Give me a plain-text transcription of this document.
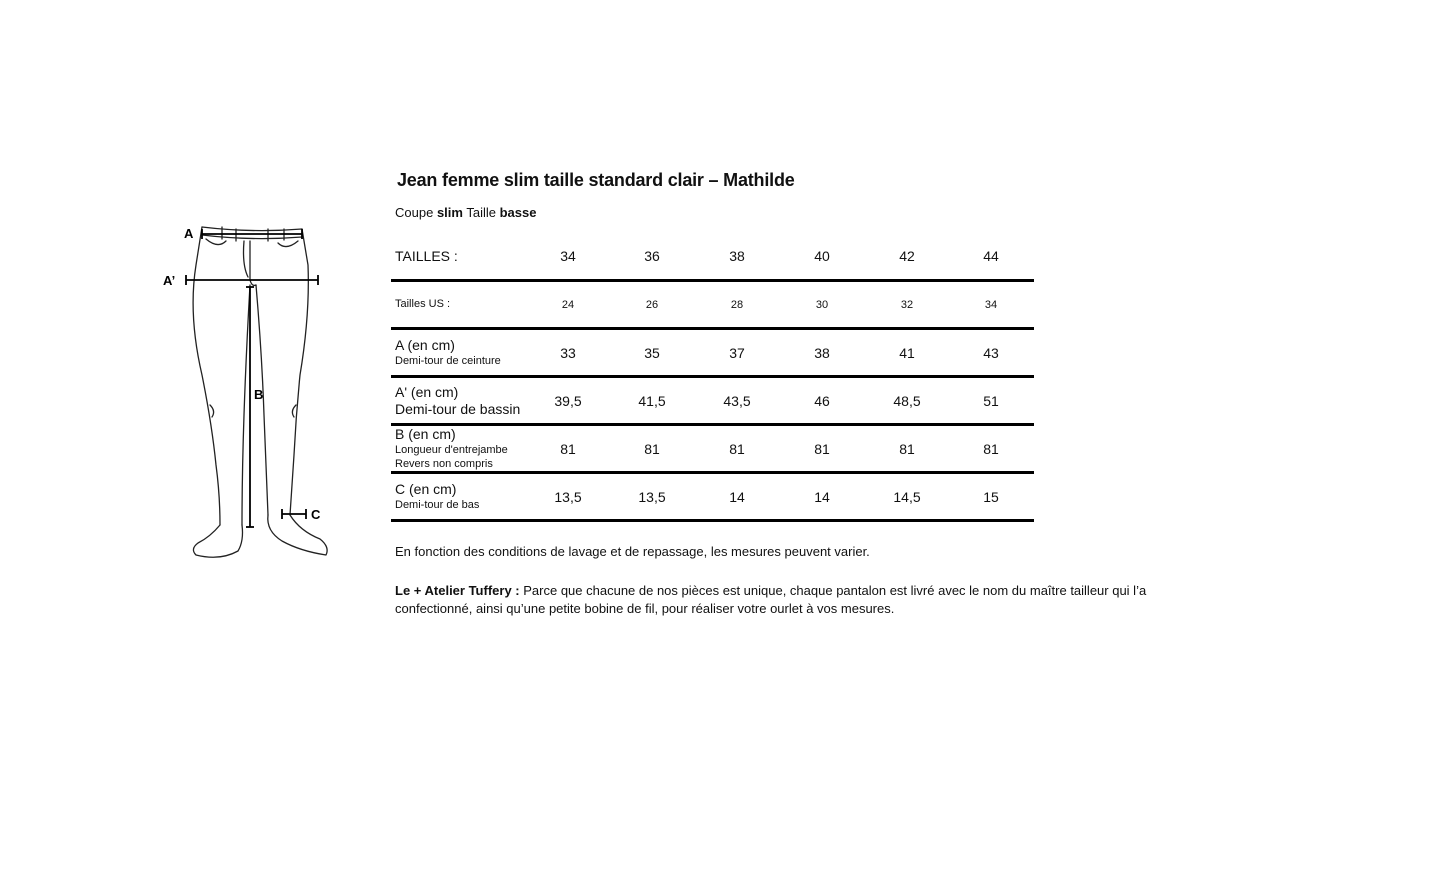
A
A’
B
C
Jean femme slim taille standard clair – Mathilde
Coupe slim Taille basse
TAILLES :	34	36	38	40	42	44
Tailles US :	24	26	28	30	32	34
A (en cm)
Demi-tour de ceinture
33	35	37	38	41	43
A' (en cm)
Demi-tour de bassin	39,5	41,5	43,5	46	48,5	51
B (en cm)
Longueur d'entrejambe Revers non compris
81	81	81	81	81	81
C (en cm)
Demi-tour de bas
13,5	13,5	14	14	14,5	15
En fonction des conditions de lavage et de repassage, les mesures peuvent varier.
Le + Atelier Tuffery : Parce que chacune de nos pièces est unique, chaque pantalon est livré avec le nom du maître tailleur qui l’a confectionné, ainsi qu’une petite bobine de fil, pour réaliser votre ourlet à vos mesures.
